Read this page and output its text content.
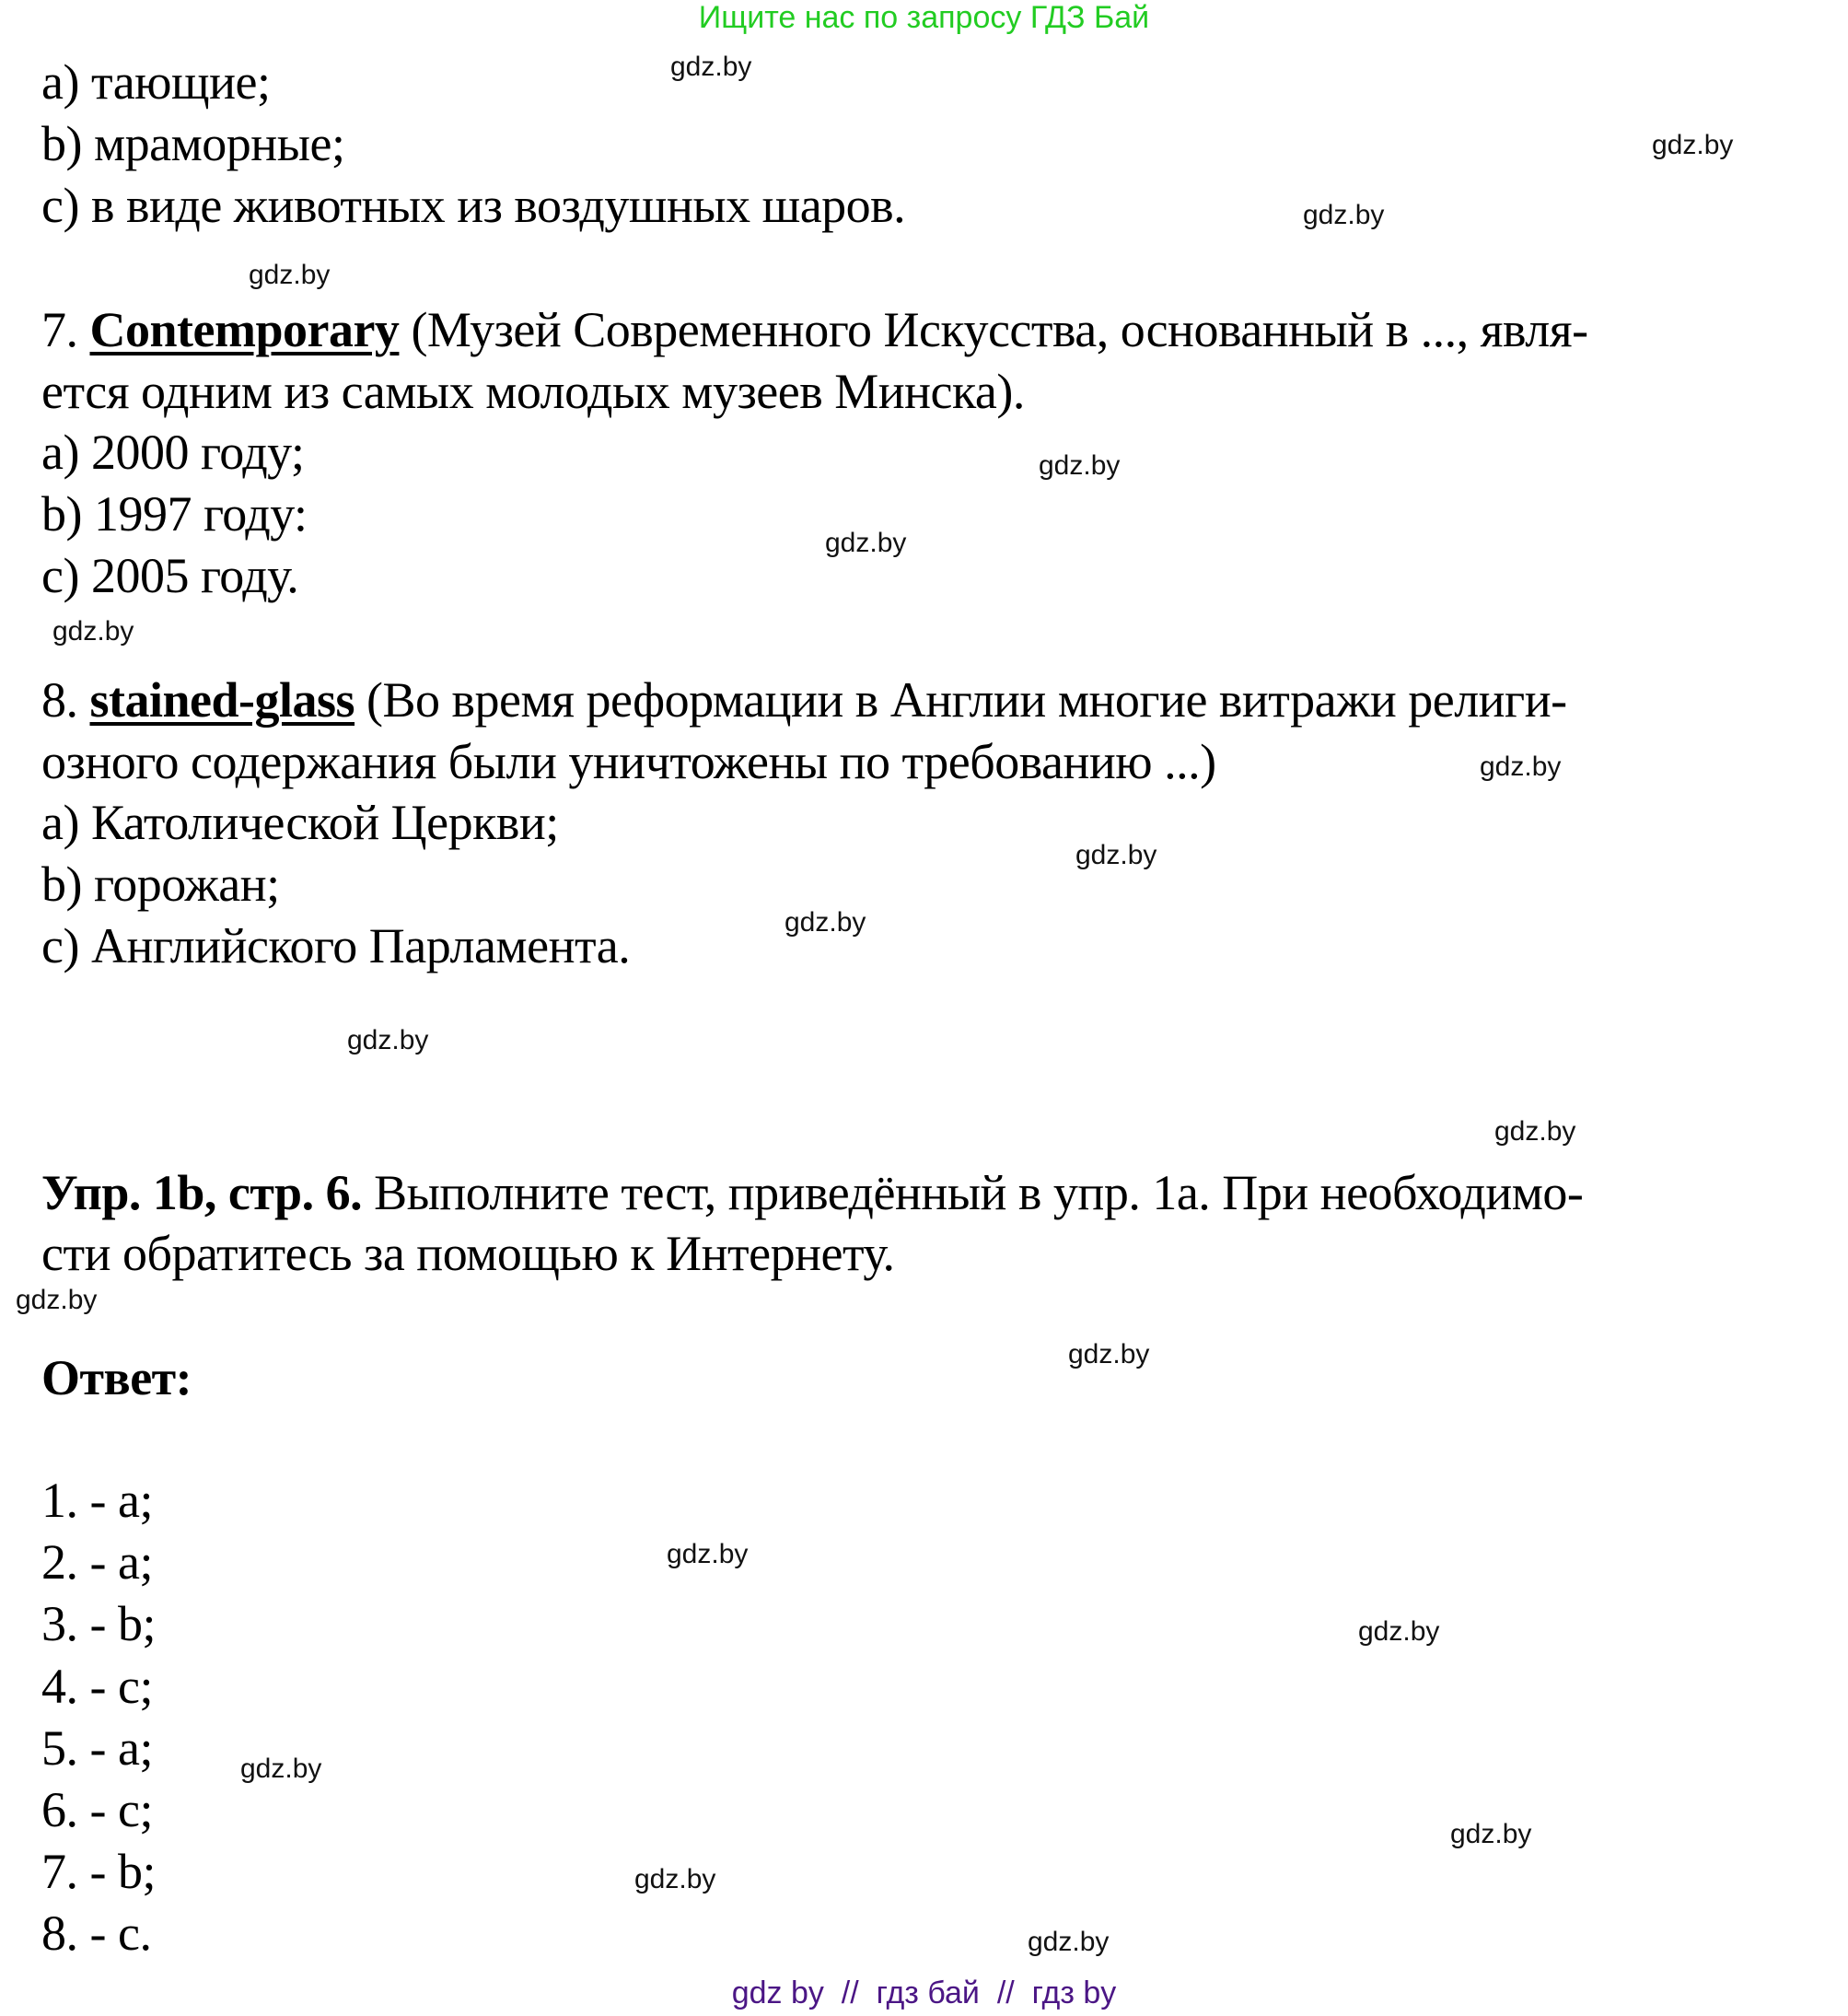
Ищите нас по запросу ГДЗ Бай
a) тающие;
b) мраморные;
c) в виде животных из воздушных шаров.
7. Contemporary (Музей Современного Искусства, основанный в ..., явля-
ется одним из самых молодых музеев Минска).
a) 2000 году;
b) 1997 году:
c) 2005 году.
8. stained-glass (Во время реформации в Англии многие витражи религи-
озного содержания были уничтожены по требованию ...)
a) Католической Церкви;
b) горожан;
c) Английского Парламента.
Упр. 1b, стр. 6. Выполните тест, приведённый в упр. 1a. При необходимо-
сти обратитесь за помощью к Интернету.
Ответ:
1. - a;
2. - a;
3. - b;
4. - c;
5. - a;
6. - c;
7. - b;
8. - c.
gdz.by
gdz.by
gdz.by
gdz.by
gdz.by
gdz.by
gdz.by
gdz.by
gdz.by
gdz.by
gdz.by
gdz.by
gdz.by
gdz.by
gdz.by
gdz.by
gdz.by
gdz.by
gdz.by
gdz.by
gdz by  //  гдз бай  //  гдз by
